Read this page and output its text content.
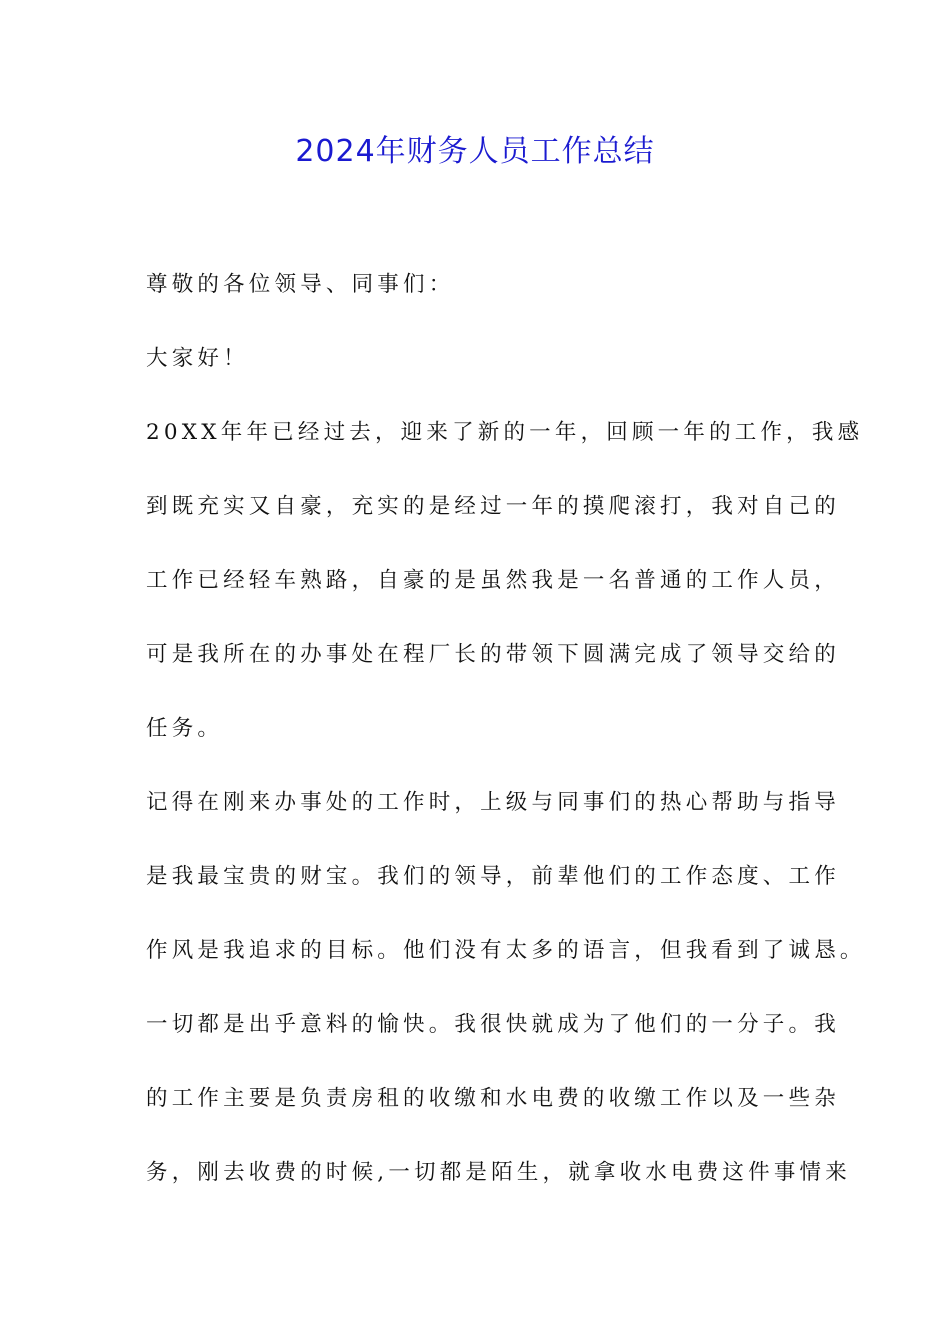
2024年财务人员工作总结
尊敬的各位领导、同事们：
大家好！
20XX年年已经过去，迎来了新的一年，回顾一年的工作，我感
到既充实又自豪，充实的是经过一年的摸爬滚打，我对自己的
工作已经轻车熟路，自豪的是虽然我是一名普通的工作人员，
可是我所在的办事处在程厂长的带领下圆满完成了领导交给的
任务。
记得在刚来办事处的工作时，上级与同事们的热心帮助与指导
是我最宝贵的财宝。我们的领导，前辈他们的工作态度、工作
作风是我追求的目标。他们没有太多的语言，但我看到了诚恳。
一切都是出乎意料的愉快。我很快就成为了他们的一分子。我
的工作主要是负责房租的收缴和水电费的收缴工作以及一些杂
务，刚去收费的时候,一切都是陌生，就拿收水电费这件事情来
